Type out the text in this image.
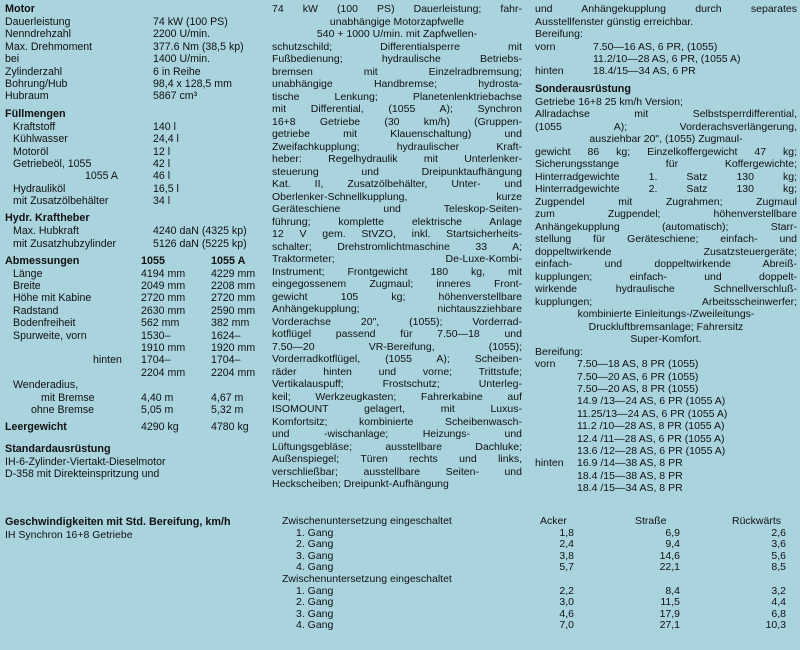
Motor
Dauerleistung	74 kW (100 PS)
Nenndrehzahl	2200 U/min.
Max. Drehmoment	377.6 Nm (38,5 kp)
bei	1400 U/min.
Zylinderzahl	6 in Reihe
Bohrung/Hub	98,4 x 128,5 mm
Hubraum	5867 cm³
Füllmengen
Kraftstoff	140 l
Kühlwasser	24,4 l
Motoröl	12 l
Getriebeöl, 1055	42 l
1055 A	46 l
Hydrauliköl	16,5 l
mit Zusatzölbehälter	34 l
Hydr. Kraftheber
Max. Hubkraft	4240 daN (4325 kp)
mit Zusatzhubzylinder	5126 daN (5225 kp)
Abmessungen	1055	1055 A
Länge	4194 mm 4229 mm
Breite	2049 mm 2208 mm
Höhe mit Kabine	2720 mm 2720 mm
Radstand	2630 mm 2590 mm
Bodenfreiheit	562 mm	382 mm
Spurweite, vorn	1530–	1624–
1910 mm 1920 mm
hinten 1704–	1704–
2204 mm 2204 mm
Wenderadius,
mit Bremse	4,40 m	4,67 m
ohne Bremse	5,05 m	5,32 m
Leergewicht	4290 kg	4780 kg
Standardausrüstung
IH-6-Zylinder-Viertakt-Dieselmotor
D-358 mit Direkteinspritzung und
74 kW (100 PS) Dauerleistung; fahr-
unabhängige Motorzapfwelle
540 + 1000 U/min. mit Zapfwellen-
schutzschild; Differentialsperre mit
Fußbedienung; hydraulische Betriebs-
bremsen mit Einzelradbremsung;
unabhängige Handbremse; hydrosta-
tische Lenkung; Planetenlenktriebachse
mit Differential, (1055 A); Synchron
16+8 Getriebe (30 km/h) (Gruppen-
getriebe mit Klauenschaltung) und
Zweifachkupplung; hydraulischer Kraft-
heber: Regelhydraulik mit Unterlenker-
steuerung und Dreipunktaufhängung
Kat. II, Zusatzölbehälter, Unter- und
Oberlenker-Schnellkupplung, kurze
Geräteschiene und Teleskop-Seiten-
führung; komplette elektrische Anlage
12 V gem. StVZO, inkl. Startsicherheits-
schalter; Drehstromlichtmaschine 33 A;
Traktormeter; De-Luxe-Kombi-
Instrument; Frontgewicht 180 kg, mit
eingegossenem Zugmaul; inneres Front-
gewicht 105 kg; höhenverstellbare
Anhängekupplung; nichtauszziehbare
Vorderachse 20", (1055); Vorderrad-
kotflügel passend für 7.50—18 und
7.50—20 VR-Bereifung, (1055);
Vorderradkotflügel, (1055 A); Scheiben-
räder hinten und vorne; Trittstufe;
Vertikalauspuff; Frostschutz; Unterleg-
keil; Werkzeugkasten; Fahrerkabine auf
ISOMOUNT gelagert, mit Luxus-
Komfortsitz; kombinierte Scheibenwasch-
und -wischanlage; Heizungs- und
Lüftungsgebläse; ausstellbare Dachluke;
Außenspiegel; Türen rechts und links,
verschließbar; ausstellbare Seiten- und
Heckscheiben; Dreipunkt-Aufhängung
und Anhängekupplung durch separates
Ausstellfenster günstig erreichbar.
Bereifung:
vorn	7.50—16 AS, 6 PR, (1055)
11.2/10—28 AS, 6 PR, (1055 A)
hinten	18.4/15—34 AS, 6 PR
Sonderausrüstung
Getriebe 16+8 25 km/h Version;
Allradachse mit Selbstsperrdifferential,
(1055 A); Vorderachsverlängerung,
ausziehbar 20", (1055) Zugmaul-
gewicht 86 kg; Einzelkoffergewicht 47 kg;
Sicherungsstange für Koffergewichte;
Hinterradgewichte 1. Satz 130 kg;
Hinterradgewichte 2. Satz 130 kg;
Zugpendel mit Zugrahmen; Zugmaul
zum Zugpendel; höhenverstellbare
Anhängekupplung (automatisch); Starr-
stellung für Geräteschiene; einfach- und
doppeltwirkende Zusatzsteuergeräte;
einfach- und doppeltwirkende Abreiß-
kupplungen; einfach- und doppelt-
wirkende hydraulische Schnellverschluß-
kupplungen; Arbeitsscheinwerfer;
kombinierte Einleitungs-/Zweileitungs-
Druckluftbremsanlage; Fahrersitz
Super-Komfort.
Bereifung:
vorn 7.50—18 AS, 8 PR (1055)
7.50—20 AS, 6 PR (1055)
7.50—20 AS, 8 PR (1055)
14.9 /13—24 AS, 6 PR (1055 A)
11.25/13—24 AS, 6 PR (1055 A)
11.2 /10—28 AS, 8 PR (1055 A)
12.4 /11—28 AS, 6 PR (1055 A)
13.6 /12—28 AS, 6 PR (1055 A)
hinten 16.9 /14—38 AS, 8 PR
18.4 /15—38 AS, 8 PR
18.4 /15—34 AS, 8 PR
Geschwindigkeiten mit Std. Bereifung, km/h
IH Synchron 16+8 Getriebe
Zwischenuntersetzung eingeschaltet	Acker	Straße	Rückwärts
1. Gang	1,8	6,9	2,6
2. Gang	2,4	9,4	3,6
3. Gang	3,8	14,6	5,6
4. Gang	5,7	22,1	8,5
Zwischenuntersetzung eingeschaltet
1. Gang	2,2	8,4	3,2
2. Gang	3,0	11,5	4,4
3. Gang	4,6	17,9	6,8
4. Gang	7,0	27,1	10,3
